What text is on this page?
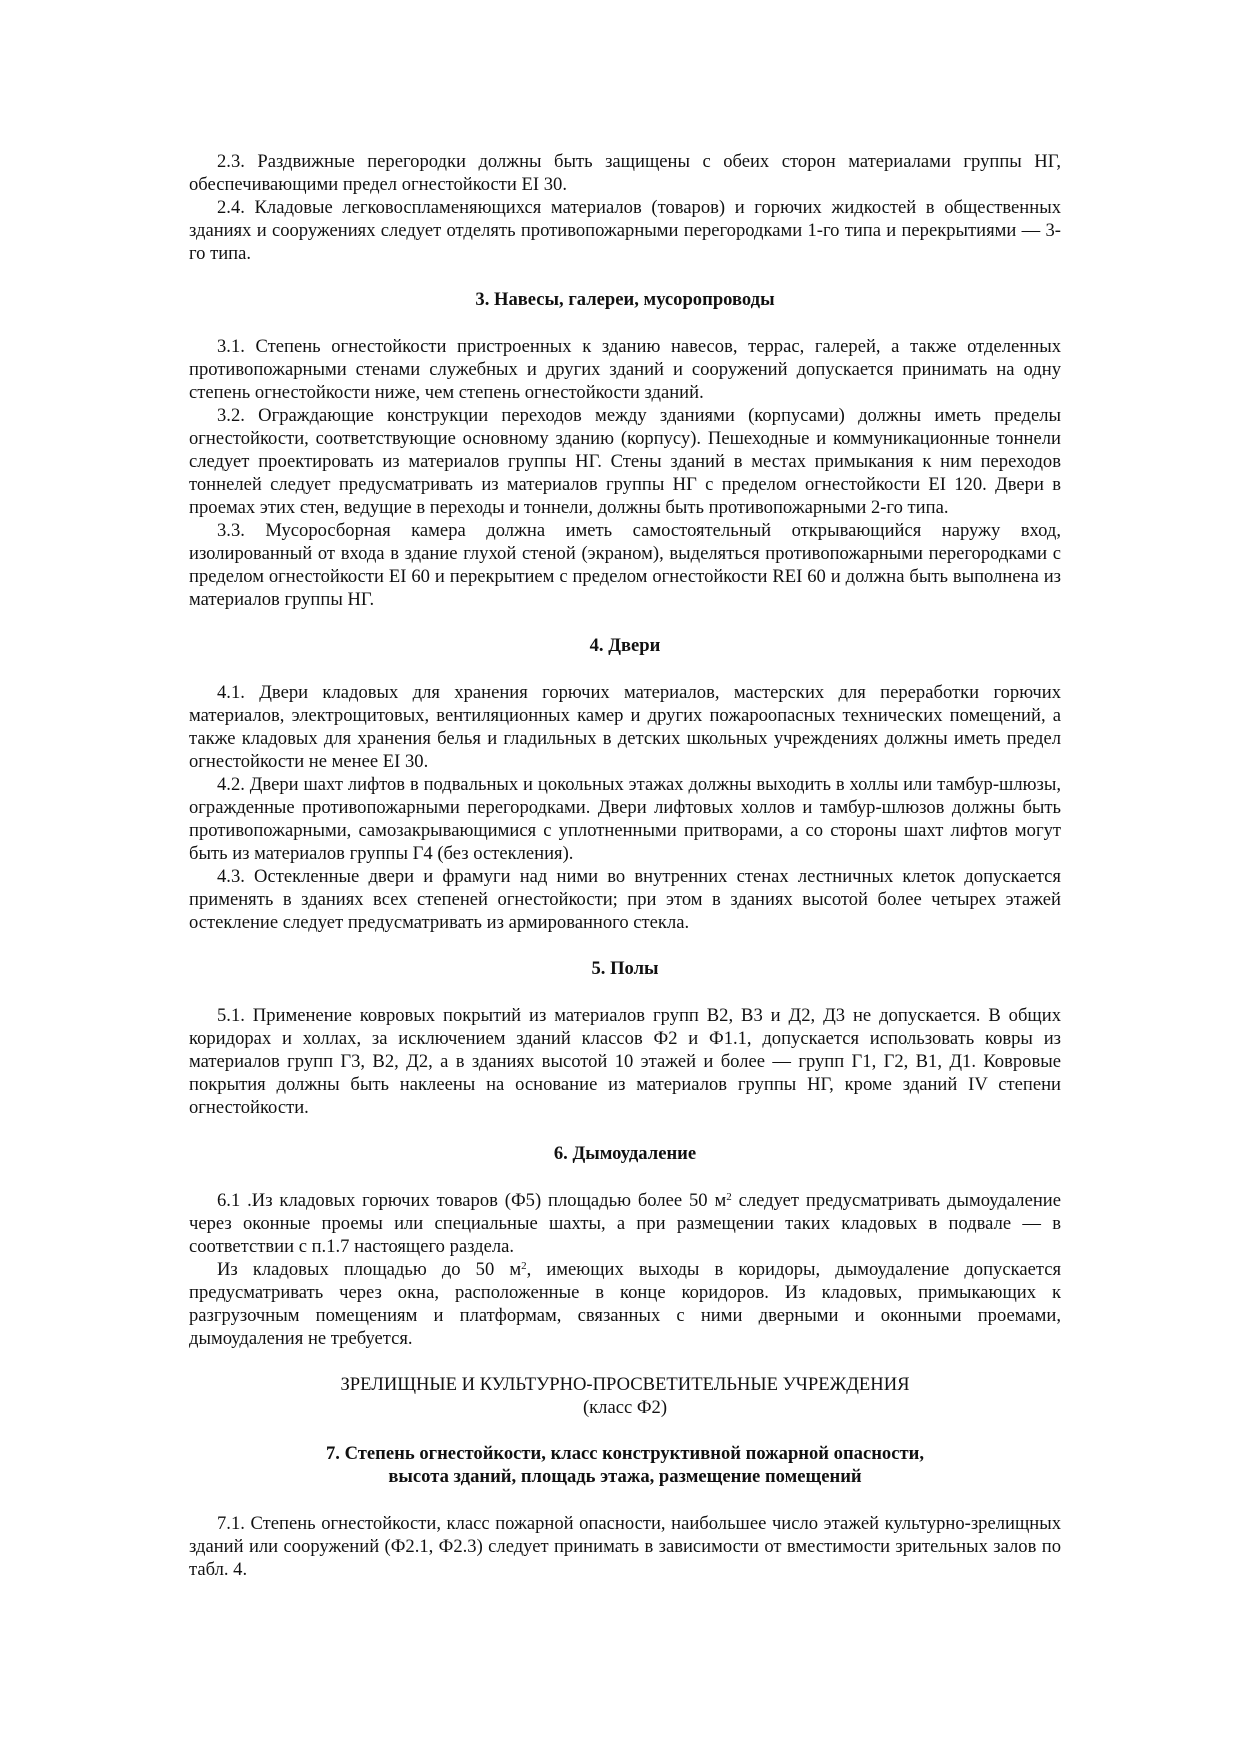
2.3. Раздвижные перегородки должны быть защищены с обеих сторон материалами группы НГ, обеспечивающими предел огнестойкости ЕI 30.

2.4. Кладовые легковоспламеняющихся материалов (товаров) и горючих жидкостей в общественных зданиях и сооружениях следует отделять противопожарными перегородками 1-го типа и перекрытиями — 3-го типа.

3. Навесы, галереи, мусоропроводы

3.1. Степень огнестойкости пристроенных к зданию навесов, террас, галерей, а также отделенных противопожарными стенами служебных и других зданий и сооружений допускается принимать на одну степень огнестойкости ниже, чем степень огнестойкости зданий.

3.2. Ограждающие конструкции переходов между зданиями (корпусами) должны иметь пределы огнестойкости, соответствующие основному зданию (корпусу). Пешеходные и коммуникационные тоннели следует проектировать из материалов группы НГ. Стены зданий в местах примыкания к ним переходов тоннелей следует предусматривать из материалов группы НГ с пределом огнестойкости EI 120. Двери в проемах этих стен, ведущие в переходы и тоннели, должны быть противопожарными 2-го типа.

3.3. Мусоросборная камера должна иметь самостоятельный открывающийся наружу вход, изолированный от входа в здание глухой стеной (экраном), выделяться противопожарными перегородками с пределом огнестойкости EI 60 и перекрытием с пределом огнестойкости REI 60 и должна быть выполнена из материалов группы НГ.

4. Двери

4.1. Двери кладовых для хранения горючих материалов, мастерских для переработки горючих материалов, электрощитовых, вентиляционных камер и других пожароопасных технических помещений, а также кладовых для хранения белья и гладильных в детских школьных учреждениях должны иметь предел огнестойкости не менее EI 30.

4.2. Двери шахт лифтов в подвальных и цокольных этажах должны выходить в холлы или тамбур-шлюзы, огражденные противопожарными перегородками. Двери лифтовых холлов и тамбур-шлюзов должны быть противопожарными, самозакрывающимися с уплотненными притворами, а со стороны шахт лифтов могут быть из материалов группы Г4 (без остекления).

4.3. Остекленные двери и фрамуги над ними во внутренних стенах лестничных клеток допускается применять в зданиях всех степеней огнестойкости; при этом в зданиях высотой более четырех этажей остекление следует предусматривать из армированного стекла.

5. Полы

5.1. Применение ковровых покрытий из материалов групп В2, В3 и Д2, Д3 не допускается. В общих коридорах и холлах, за исключением зданий классов Ф2 и Ф1.1, допускается использовать ковры из материалов групп Г3, В2, Д2, а в зданиях высотой 10 этажей и более — групп Г1, Г2, В1, Д1. Ковровые покрытия должны быть наклеены на основание из материалов группы НГ, кроме зданий IV степени огнестойкости.

6. Дымоудаление

6.1 .Из кладовых горючих товаров (Ф5) площадью более 50 $м^2$ следует предусматривать дымоудаление через оконные проемы или специальные шахты, а при размещении таких кладовых в подвале — в соответствии с п.1.7 настоящего раздела.

Из кладовых площадью до 50 $м^2$, имеющих выходы в коридоры, дымоудаление допускается предусматривать через окна, расположенные в конце коридоров. Из кладовых, примыкающих к разгрузочным помещениям и платформам, связанных с ними дверными и оконными проемами, дымоудаления не требуется.

ЗРЕЛИЩНЫЕ И КУЛЬТУРНО-ПРОСВЕТИТЕЛЬНЫЕ УЧРЕЖДЕНИЯ

(класс Ф2)

7. Степень огнестойкости, класс конструктивной пожарной опасности,

высота зданий, площадь этажа, размещение помещений

7.1. Степень огнестойкости, класс пожарной опасности, наибольшее число этажей культурно-зрелищных зданий или сооружений (Ф2.1, Ф2.3) следует принимать в зависимости от вместимости зрительных залов по табл. 4.
